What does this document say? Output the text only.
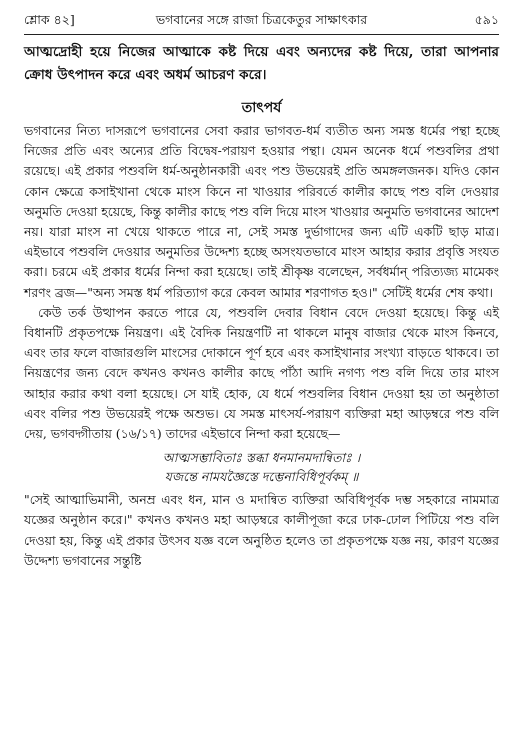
শ্লোক ৪২]	ভগবানের সঙ্গে রাজা চিত্রকেতুর সাক্ষাৎকার	৫৯১

আত্মদ্রোহী হয়ে নিজের আত্মাকে কষ্ট দিয়ে এবং অন্যদের কষ্ট দিয়ে, তারা আপনার ক্রোধ উৎপাদন করে এবং অধর্ম আচরণ করে।

তাৎপর্য

ভগবানের নিত্য দাসরূপে ভগবানের সেবা করার ভাগবত-ধর্ম ব্যতীত অন্য সমস্ত ধর্মের পন্থা হচ্ছে নিজের প্রতি এবং অন্যের প্রতি বিদ্বেষ-পরায়ণ হওয়ার পন্থা। যেমন অনেক ধর্মে পশুবলির প্রথা রয়েছে। এই প্রকার পশুবলি ধর্ম-অনুষ্ঠানকারী এবং পশু উভয়েরই প্রতি অমঙ্গলজনক। যদিও কোন কোন ক্ষেত্রে কসাইখানা থেকে মাংস কিনে না খাওয়ার পরিবর্তে কালীর কাছে পশু বলি দেওয়ার অনুমতি দেওয়া হয়েছে, কিন্তু কালীর কাছে পশু বলি দিয়ে মাংস খাওয়ার অনুমতি ভগবানের আদেশ নয়। যারা মাংস না খেয়ে থাকতে পারে না, সেই সমস্ত দুর্ভাগাদের জন্য এটি একটি ছাড় মাত্র। এইভাবে পশুবলি দেওয়ার অনুমতির উদ্দেশ্য হচ্ছে অসংযতভাবে মাংস আহার করার প্রবৃত্তি সংযত করা। চরমে এই প্রকার ধর্মের নিন্দা করা হয়েছে। তাই শ্রীকৃষ্ণ বলেছেন, সর্বধর্মান্ পরিত্যজ্য মামেকং শরণং ব্রজ—"অন্য সমস্ত ধর্ম পরিত্যাগ করে কেবল আমার শরণাগত হও।" সেটিই ধর্মের শেষ কথা।

কেউ তর্ক উত্থাপন করতে পারে যে, পশুবলি দেবার বিধান বেদে দেওয়া হয়েছে। কিন্তু এই বিধানটি প্রকৃতপক্ষে নিয়ন্ত্রণ। এই বৈদিক নিয়ন্ত্রণটি না থাকলে মানুষ বাজার থেকে মাংস কিনবে, এবং তার ফলে বাজারগুলি মাংসের দোকানে পূর্ণ হবে এবং কসাইখানার সংখ্যা বাড়তে থাকবে। তা নিয়ন্ত্রণের জন্য বেদে কখনও কখনও কালীর কাছে পাঁঠা আদি নগণ্য পশু বলি দিয়ে তার মাংস আহার করার কথা বলা হয়েছে। সে যাই হোক, যে ধর্মে পশুবলির বিধান দেওয়া হয় তা অনুষ্ঠাতা এবং বলির পশু উভয়েরই পক্ষে অশুভ। যে সমস্ত মাৎসর্য-পরায়ণ ব্যক্তিরা মহা আড়ম্বরে পশু বলি দেয়, ভগবদ্গীতায় (১৬/১৭) তাদের এইভাবে নিন্দা করা হয়েছে—

আত্মসম্ভাবিতাঃ স্তব্ধা ধনমানমদান্বিতাঃ ।
যজন্তে নামযজ্ঞৈস্তে দম্ভেনাবিধিপূর্বকম্ ॥

"সেই আত্মাভিমানী, অনম্র এবং ধন, মান ও মদান্বিত ব্যক্তিরা অবিধিপূর্বক দম্ভ সহকারে নামমাত্র যজ্ঞের অনুষ্ঠান করে।" কখনও কখনও মহা আড়ম্বরে কালীপূজা করে ঢাক-ঢোল পিটিয়ে পশু বলি দেওয়া হয়, কিন্তু এই প্রকার উৎসব যজ্ঞ বলে অনুষ্ঠিত হলেও তা প্রকৃতপক্ষে যজ্ঞ নয়, কারণ যজ্ঞের উদ্দেশ্য ভগবানের সন্তুষ্টি
